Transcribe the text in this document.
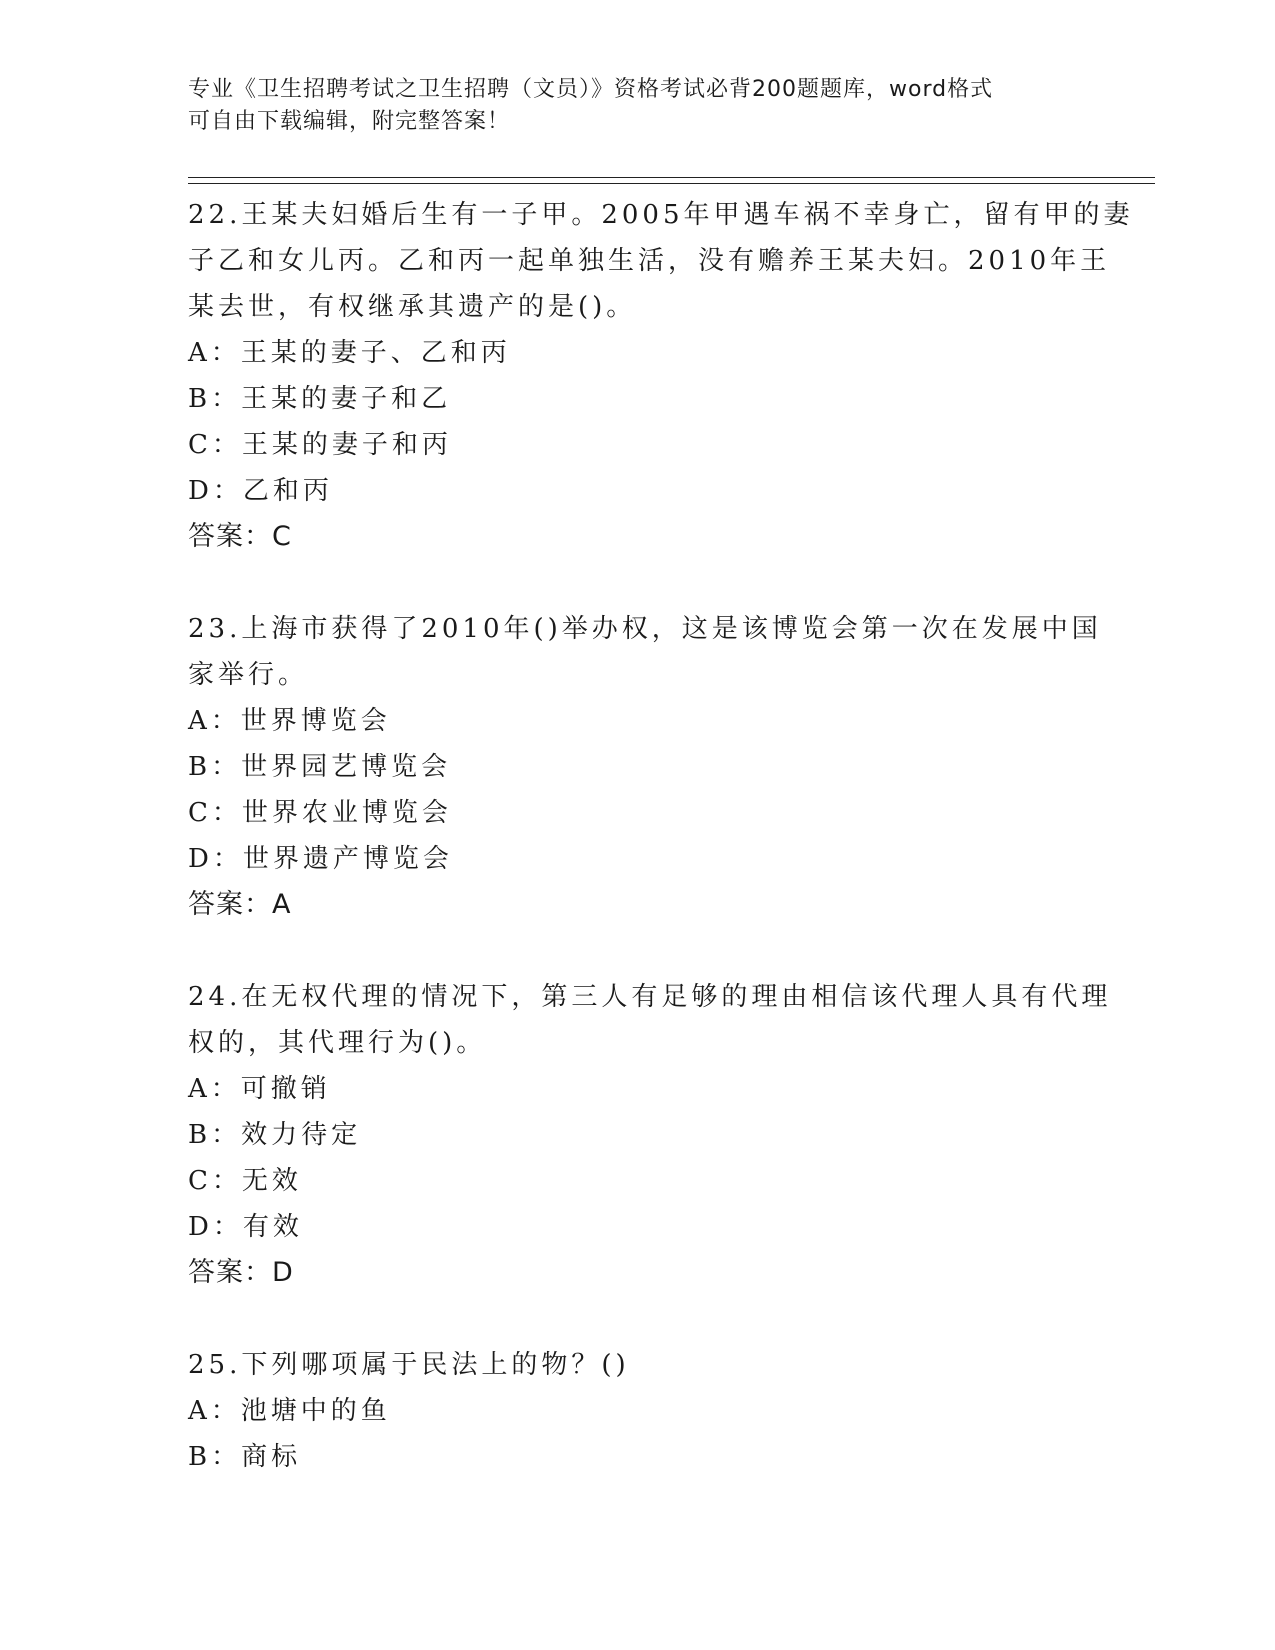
专业《卫生招聘考试之卫生招聘（文员）》资格考试必背200题题库，word格式
可自由下载编辑，附完整答案！
22.王某夫妇婚后生有一子甲。2005年甲遇车祸不幸身亡，留有甲的妻
子乙和女儿丙。乙和丙一起单独生活，没有赡养王某夫妇。2010年王
某去世，有权继承其遗产的是()。
A：王某的妻子、乙和丙
B：王某的妻子和乙
C：王某的妻子和丙
D：乙和丙
答案：C
23.上海市获得了2010年()举办权，这是该博览会第一次在发展中国
家举行。
A：世界博览会
B：世界园艺博览会
C：世界农业博览会
D：世界遗产博览会
答案：A
24.在无权代理的情况下，第三人有足够的理由相信该代理人具有代理
权的，其代理行为()。
A：可撤销
B：效力待定
C：无效
D：有效
答案：D
25.下列哪项属于民法上的物？()
A：池塘中的鱼
B：商标
